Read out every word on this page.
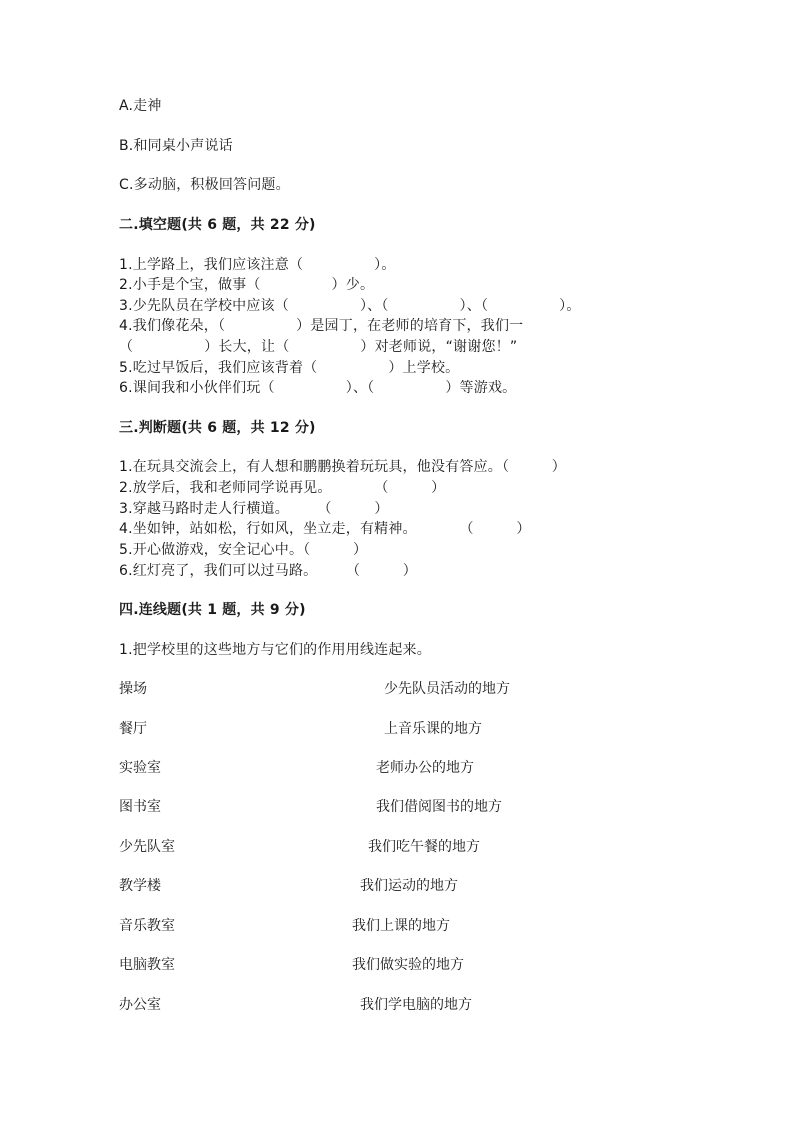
A.走神
B.和同桌小声说话
C.多动脑，积极回答问题。
二.填空题(共 6 题，共 22 分)
1.上学路上，我们应该注意（　　　　　）。
2.小手是个宝，做事（　　　　　）少。
3.少先队员在学校中应该（　　　　　）、（　　　　　）、（　　　　　）。
4.我们像花朵，（　　　　　）是园丁，在老师的培育下，我们一
（　　　　　）长大，让（　　　　　）对老师说，“谢谢您！”
5.吃过早饭后，我们应该背着（　　　　　）上学校。
6.课间我和小伙伴们玩（　　　　　）、（　　　　　）等游戏。
三.判断题(共 6 题，共 12 分)
1.在玩具交流会上，有人想和鹏鹏换着玩玩具，他没有答应。（　　　）
2.放学后，我和老师同学说再见。　　　　（　　　）
3.穿越马路时走人行横道。　　　（　　　）
4.坐如钟，站如松，行如风，坐立走，有精神。　　　　（　　　）
5.开心做游戏，安全记心中。（　　　）
6.红灯亮了，我们可以过马路。　　　（　　　）
四.连线题(共 1 题，共 9 分)
1.把学校里的这些地方与它们的作用用线连起来。
操场
餐厅
实验室
图书室
少先队室
教学楼
音乐教室
电脑教室
办公室
少先队员活动的地方
上音乐课的地方
老师办公的地方
我们借阅图书的地方
我们吃午餐的地方
我们运动的地方
我们上课的地方
我们做实验的地方
我们学电脑的地方
